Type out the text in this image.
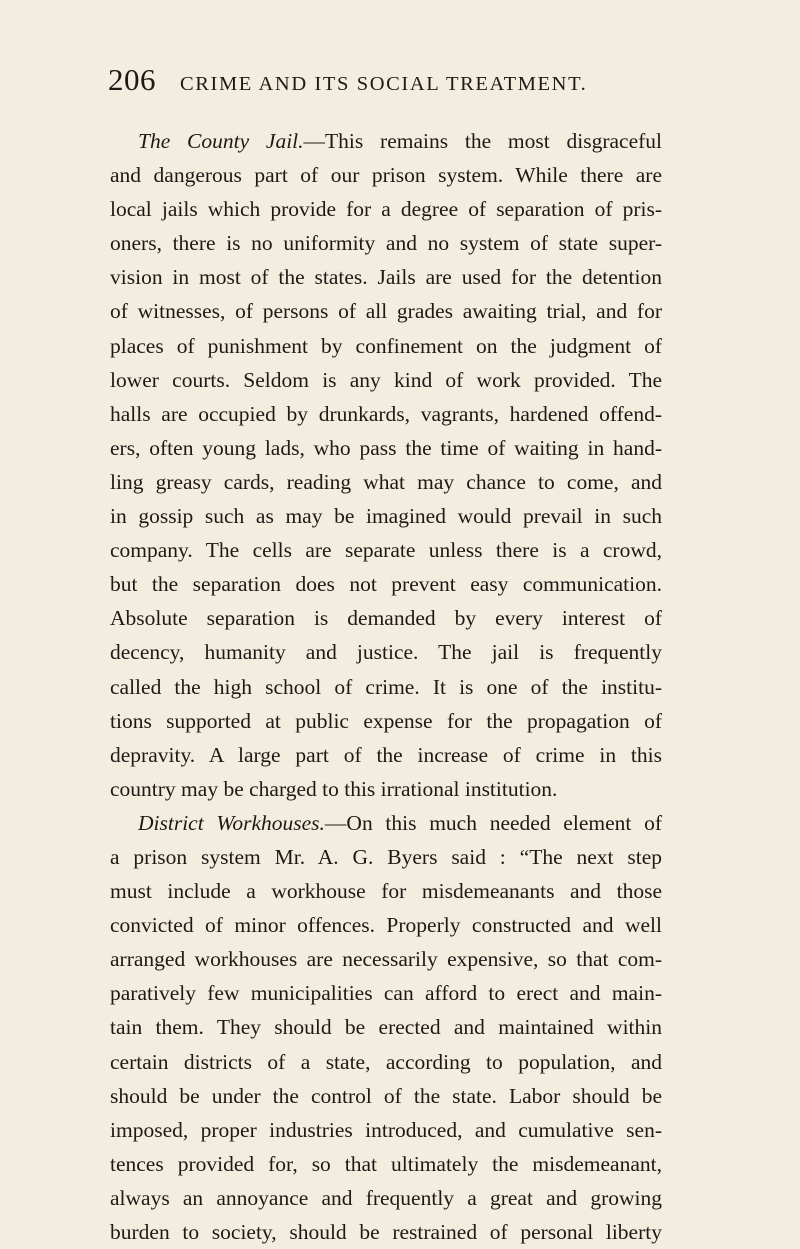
206 CRIME AND ITS SOCIAL TREATMENT.
The County Jail.—This remains the most disgraceful
and dangerous part of our prison system. While there are
local jails which provide for a degree of separation of pris-
oners, there is no uniformity and no system of state super-
vision in most of the states. Jails are used for the detention
of witnesses, of persons of all grades awaiting trial, and for
places of punishment by confinement on the judgment of
lower courts. Seldom is any kind of work provided. The
halls are occupied by drunkards, vagrants, hardened offend-
ers, often young lads, who pass the time of waiting in hand-
ling greasy cards, reading what may chance to come, and
in gossip such as may be imagined would prevail in such
company. The cells are separate unless there is a crowd,
but the separation does not prevent easy communication.
Absolute separation is demanded by every interest of
decency, humanity and justice. The jail is frequently
called the high school of crime. It is one of the institu-
tions supported at public expense for the propagation of
depravity. A large part of the increase of crime in this
country may be charged to this irrational institution.
District Workhouses.—On this much needed element of
a prison system Mr. A. G. Byers said : “The next step
must include a workhouse for misdemeanants and those
convicted of minor offences. Properly constructed and well
arranged workhouses are necessarily expensive, so that com-
paratively few municipalities can afford to erect and main-
tain them. They should be erected and maintained within
certain districts of a state, according to population, and
should be under the control of the state. Labor should be
imposed, proper industries introduced, and cumulative sen-
tences provided for, so that ultimately the misdemeanant,
always an annoyance and frequently a great and growing
burden to society, should be restrained of personal liberty
